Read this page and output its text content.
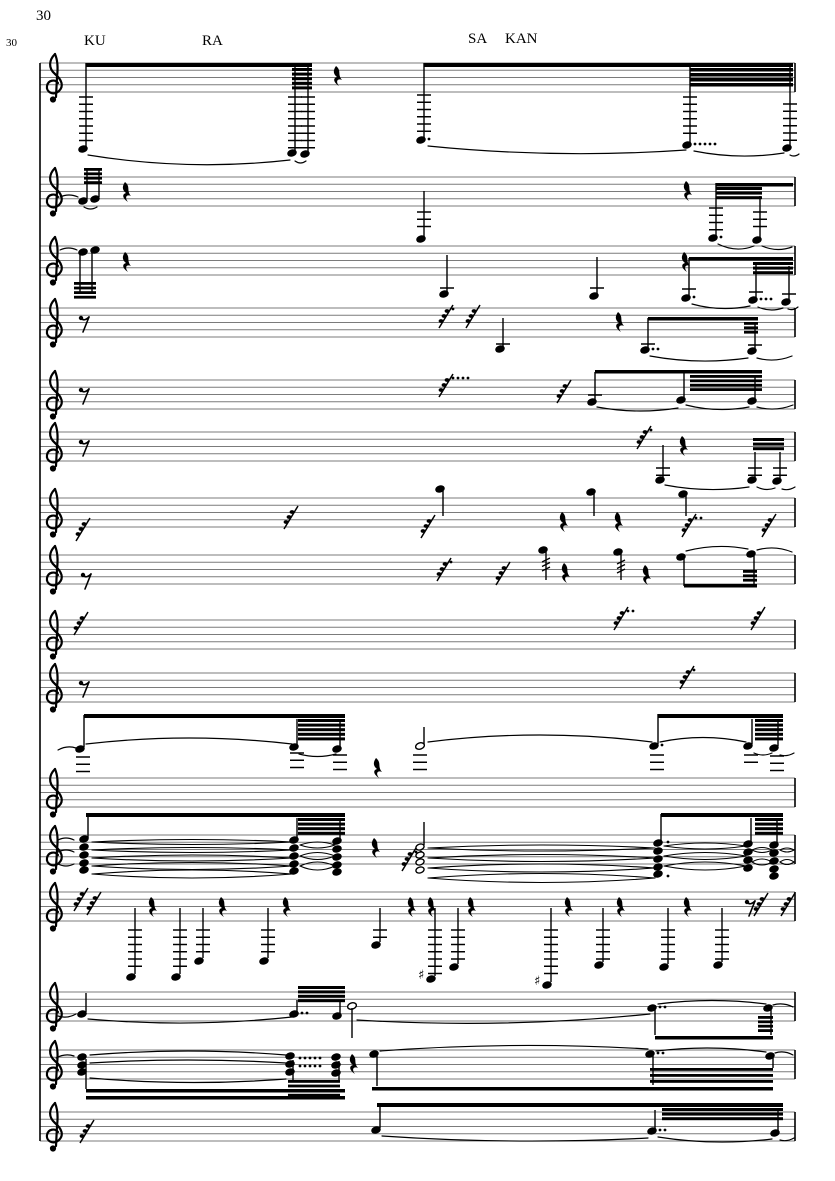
♯	♯
30
30	KU	RA	SA KAN
